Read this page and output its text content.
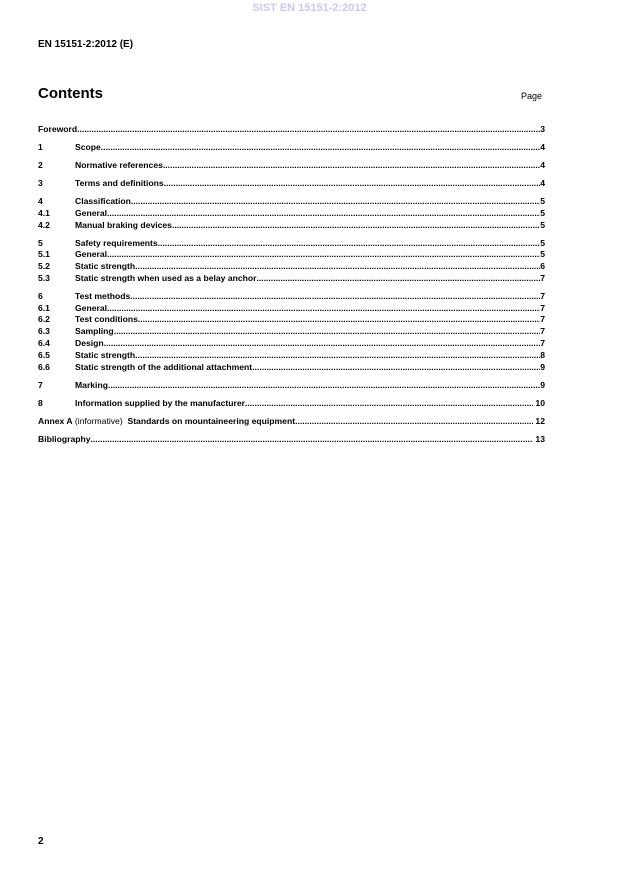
SIST EN 15151-2:2012
EN 15151-2:2012 (E)
Contents	Page
Foreword .....	3
1	Scope .....	4
2	Normative references .....	4
3	Terms and definitions .....	4
4	Classification .....	5
4.1	General .....	5
4.2	Manual braking devices .....	5
5	Safety requirements .....	5
5.1	General .....	5
5.2	Static strength .....	6
5.3	Static strength when used as a belay anchor .....	7
6	Test methods .....	7
6.1	General .....	7
6.2	Test conditions .....	7
6.3	Sampling .....	7
6.4	Design .....	7
6.5	Static strength .....	8
6.6	Static strength of the additional attachment .....	9
7	Marking .....	9
8	Information supplied by the manufacturer .....	10
Annex A (informative)  Standards on mountaineering equipment .....	12
Bibliography .....	13
2
